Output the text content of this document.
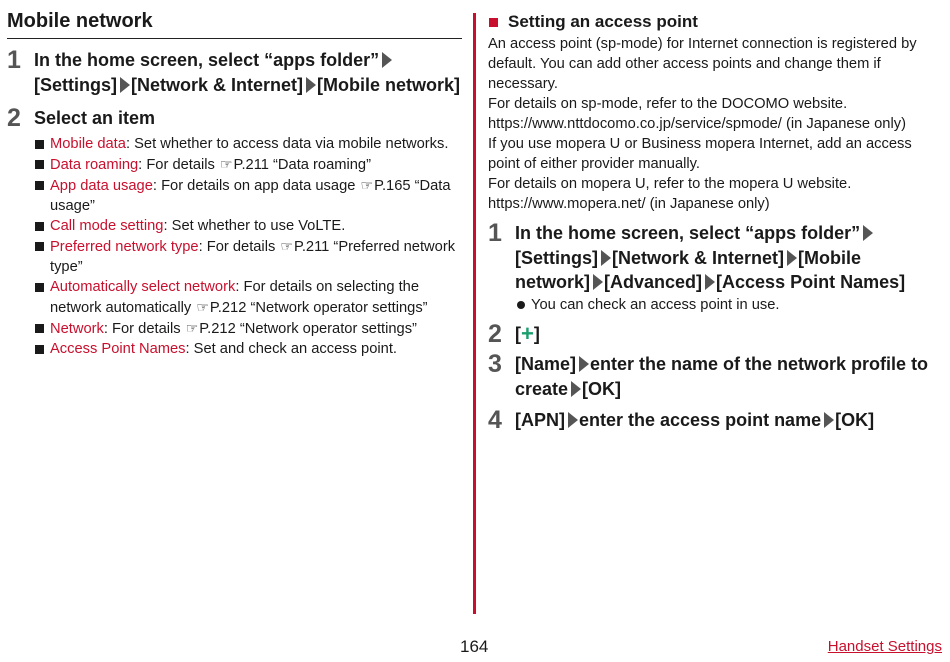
Mobile network
1 In the home screen, select “apps folder” [Settings] [Network & Internet] [Mobile network]
2 Select an item
Mobile data: Set whether to access data via mobile networks.
Data roaming: For details ☞P.211 “Data roaming”
App data usage: For details on app data usage ☞P.165 “Data usage”
Call mode setting: Set whether to use VoLTE.
Preferred network type: For details ☞P.211 “Preferred network type”
Automatically select network: For details on selecting the network automatically ☞P.212 “Network operator settings”
Network: For details ☞P.212 “Network operator settings”
Access Point Names: Set and check an access point.
Setting an access point
An access point (sp-mode) for Internet connection is registered by default. You can add other access points and change them if necessary.
For details on sp-mode, refer to the DOCOMO website.
https://www.nttdocomo.co.jp/service/spmode/ (in Japanese only)
If you use mopera U or Business mopera Internet, add an access point of either provider manually.
For details on mopera U, refer to the mopera U website.
https://www.mopera.net/ (in Japanese only)
1 In the home screen, select “apps folder” [Settings] [Network & Internet] [Mobile network] [Advanced] [Access Point Names]
You can check an access point in use.
2 [+]
3 [Name] enter the name of the network profile to create [OK]
4 [APN] enter the access point name [OK]
164	Handset Settings
